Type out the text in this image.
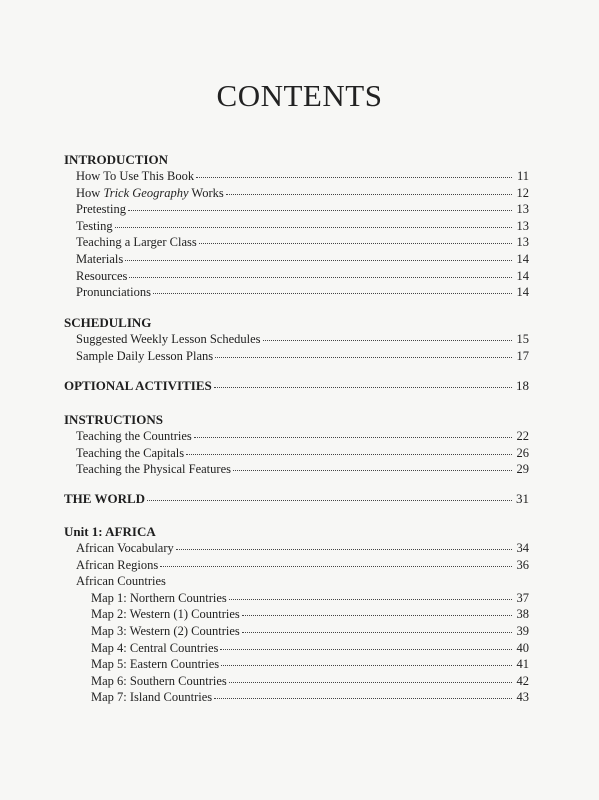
CONTENTS
INTRODUCTION
How To Use This Book	11
How Trick Geography Works	12
Pretesting	13
Testing	13
Teaching a Larger Class	13
Materials	14
Resources	14
Pronunciations	14
SCHEDULING
Suggested Weekly Lesson Schedules	15
Sample Daily Lesson Plans	17
OPTIONAL ACTIVITIES	18
INSTRUCTIONS
Teaching the Countries	22
Teaching the Capitals	26
Teaching the Physical Features	29
THE WORLD	31
Unit 1: AFRICA
African Vocabulary	34
African Regions	36
African Countries
Map 1: Northern Countries	37
Map 2: Western (1) Countries	38
Map 3: Western (2) Countries	39
Map 4: Central Countries	40
Map 5: Eastern Countries	41
Map 6: Southern Countries	42
Map 7: Island Countries	43
